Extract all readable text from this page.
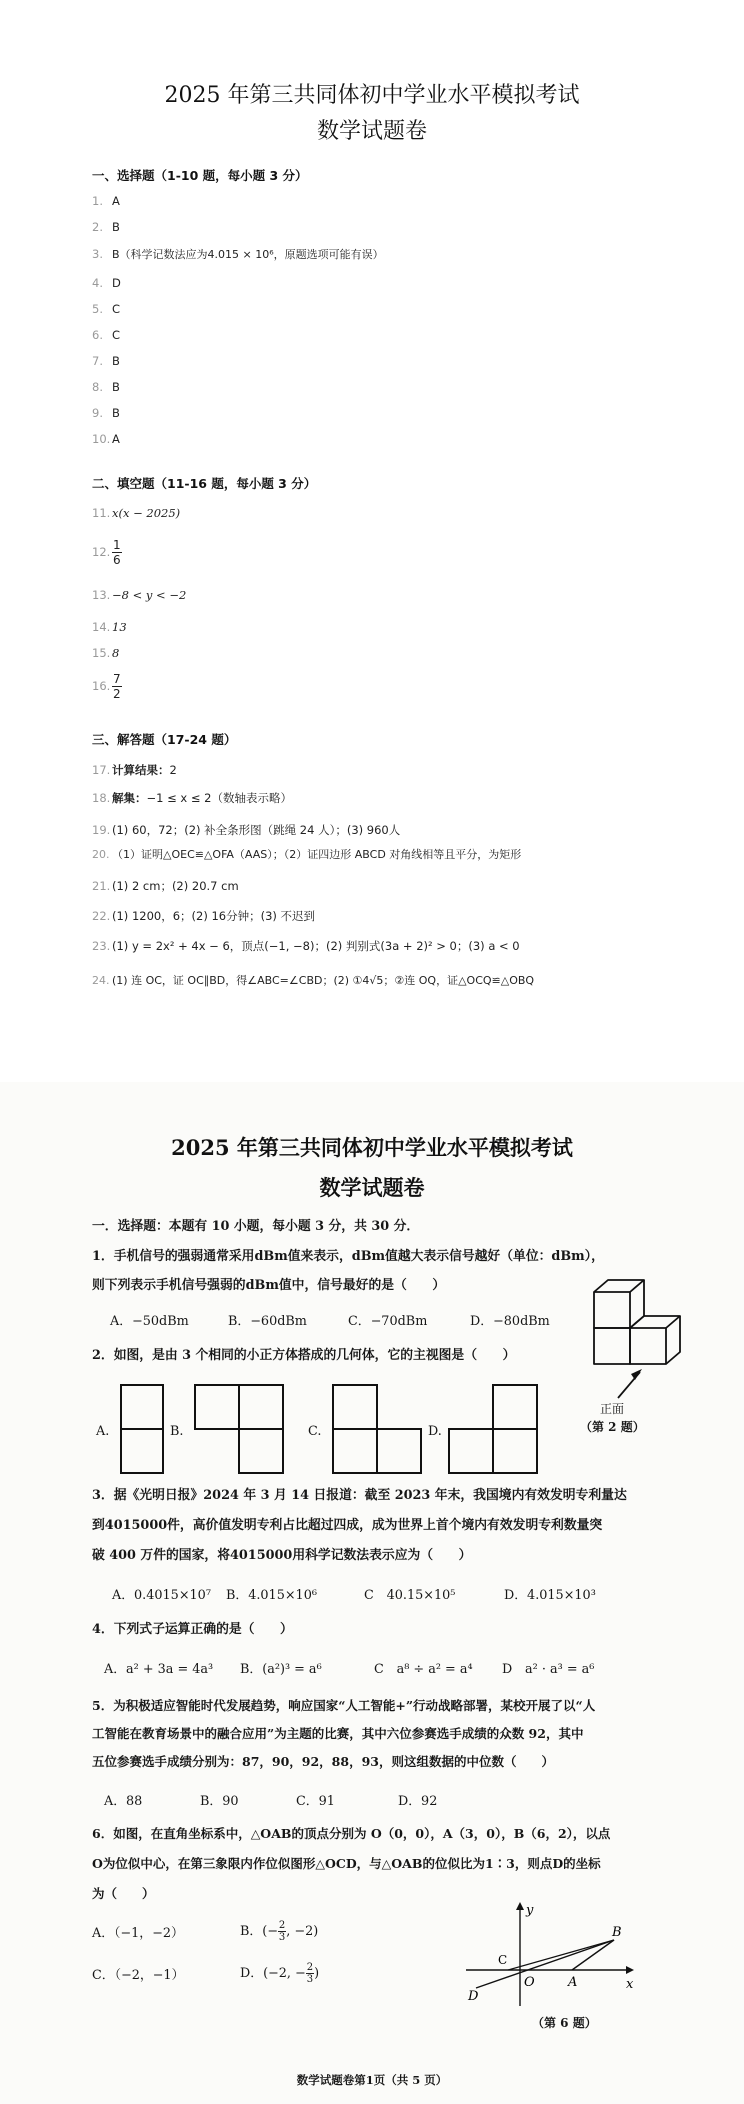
2025 年第三共同体初中学业水平模拟考试
数学试题卷
一、选择题（1-10 题，每小题 3 分）
1. A
2. B
3. B（科学记数法应为4.015 × 10⁶，原题选项可能有误）
4. D
5. C
6. C
7. B
8. B
9. B
10. A
二、填空题（11-16 题，每小题 3 分）
11. x(x − 2025)
12. $\frac{1}{6}$
13. −8 < y < −2
14. 13
15. 8
16. $\frac{7}{2}$
三、解答题（17-24 题）
17. 计算结果：2
18. 解集：−1 ≤ x ≤ 2（数轴表示略）
19. (1) 60，72；(2) 补全条形图（跳绳 24 人）；(3) 960人
20. （1）证明△OEC≌△OFA（AAS）；（2）证四边形 ABCD 对角线相等且平分，为矩形
21. (1) 2 cm；(2) 20.7 cm
22. (1) 1200，6；(2) 16分钟；(3) 不迟到
23. (1) y = 2x² + 4x − 6，顶点(−1, −8)；(2) 判别式(3a + 2)² > 0；(3) a < 0
24. (1) 连 OC，证 OC∥BD，得∠ABC=∠CBD；(2) ①4√5；②连 OQ，证△OCQ≌△OBQ
2025 年第三共同体初中学业水平模拟考试
数学试题卷
一．选择题：本题有 10 小题，每小题 3 分，共 30 分．
1．手机信号的强弱通常采用dBm值来表示，dBm值越大表示信号越好（单位：dBm），
则下列表示手机信号强弱的dBm值中，信号最好的是（　　）
A．−50dBm	B．−60dBm	C．−70dBm	D．−80dBm
2．如图，是由 3 个相同的小正方体搭成的几何体，它的主视图是（　　）
A.	B.	C.	D.
正面
（第 2 题）
3．据《光明日报》2024 年 3 月 14 日报道：截至 2023 年末，我国境内有效发明专利量达
到4015000件，高价值发明专利占比超过四成，成为世界上首个境内有效发明专利数量突
破 400 万件的国家，将4015000用科学记数法表示应为（　　）
A．0.4015×10⁷ B．4.015×10⁶	C　40.15×10⁵	D．4.015×10³
4．下列式子运算正确的是（　　）
A．a² + 3a = 4a³ B．(a²)³ = a⁶	C　a⁸ ÷ a² = a⁴ D　a² · a³ = a⁶
5．为积极适应智能时代发展趋势，响应国家“人工智能+”行动战略部署，某校开展了以“人
工智能在教育场景中的融合应用”为主题的比赛，其中六位参赛选手成绩的众数 92，其中
五位参赛选手成绩分别为：87，90，92，88，93，则这组数据的中位数（　　）
A．88	B．90	C．91	D．92
6．如图，在直角坐标系中，△OAB的顶点分别为 O（0，0），A（3，0），B（6，2），以点
O为位似中心，在第三象限内作位似图形△OCD，与△OAB的位似比为1∶3，则点D的坐标
为（　　）
A．（−1，−2）	B．(− $\frac{2}{3}$ , −2)
C．（−2，−1）	D．(−2, − $\frac{2}{3}$ )
y
x
O	A
B
C
D
（第 6 题）
数学试题卷第1页（共 5 页）
